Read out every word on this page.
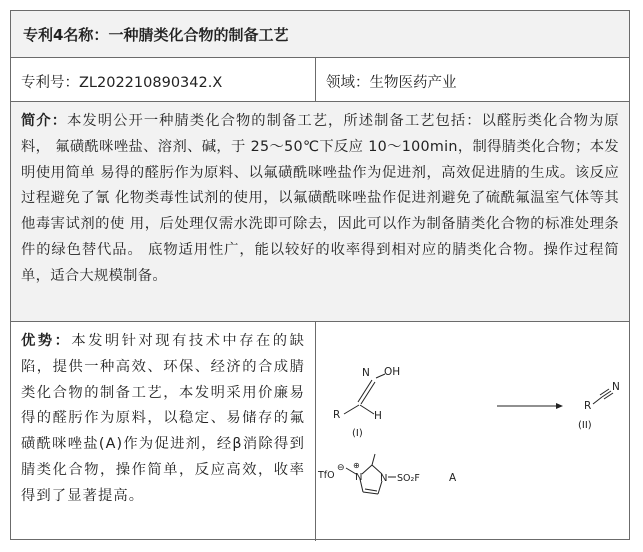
专利4名称：一种腈类化合物的制备工艺
专利号：ZL202210890342.X	领域：生物医药产业
简介：本发明公开一种腈类化合物的制备工艺，所述制备工艺包括：以醛肟类化合物为原料， 氟磺酰咪唑盐、溶剂、碱，于 25～50℃下反应 10～100min，制得腈类化合物；本发明使用简单 易得的醛肟作为原料、以氟磺酰咪唑盐作为促进剂，高效促进腈的生成。该反应过程避免了氰 化物类毒性试剂的使用，以氟磺酰咪唑盐作促进剂避免了硫酰氟温室气体等其他毒害试剂的使 用，后处理仅需水洗即可除去，因此可以作为制备腈类化合物的标准处理条件的绿色替代品。 底物适用性广，能以较好的收率得到相对应的腈类化合物。操作过程简单，适合大规模制备。
优势：本发明针对现有技术中存在的缺陷，提供一种高效、环保、经济的合成腈类化合物的制备工艺，本发明采用价廉易得的醛肟作为原料，以稳定、易储存的氟磺酰咪唑盐(A)作为促进剂，经β消除得到腈类化合物，操作简单，反应高效，收率得到了显著提高。
N OH
R	H
(I)
R
N
(II)
TfO
⊖
N
⊕
N SO₂F	A
